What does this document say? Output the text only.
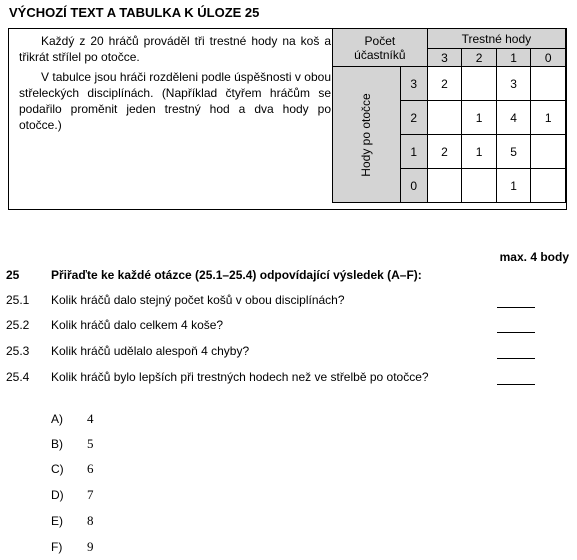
VÝCHOZÍ TEXT A TABULKA K ÚLOZE 25

Každý z 20 hráčů prováděl tři trestné hody na koš a třikrát střílel po otočce.

V tabulce jsou hráči rozděleni podle úspěšnosti v obou střeleckých disciplínách. (Například čtyřem hráčům se podařilo proměnit jeden trestný hod a dva hody po otočce.)

Počet
účastníků		Trestné hody			
		3	2	1	0

Hody po otočce	3	2		3	
	2		1	4	1
	1	2	1	5	
	0			1	
max. 4 body
25	Přiřaďte ke každé otázce (25.1–25.4) odpovídající výsledek (A–F):
25.1 Kolik hráčů dalo stejný počet košů v obou disciplínách?
25.2 Kolik hráčů dalo celkem 4 koše?
25.3 Kolik hráčů udělalo alespoň 4 chyby?
25.4 Kolik hráčů bylo lepších při trestných hodech než ve střelbě po otočce?
A) 4
B) 5
C) 6
D) 7
E) 8
F) 9
